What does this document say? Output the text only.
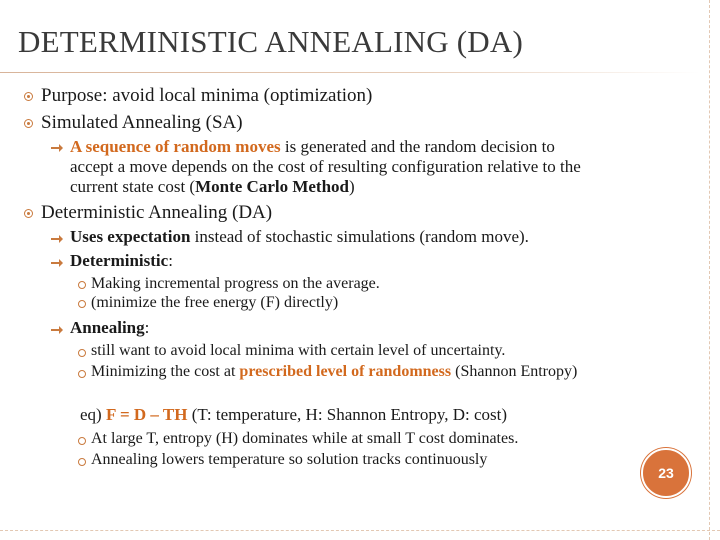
DETERMINISTIC ANNEALING (DA)
Purpose: avoid local minima (optimization)
Simulated Annealing (SA)
A sequence of random moves is generated and the random decision to
accept a move depends on the cost of resulting configuration relative to the
current state cost (Monte Carlo Method)
Deterministic Annealing (DA)
Uses expectation instead of stochastic simulations (random move).
Deterministic:
Making incremental progress on the average.
(minimize the free energy (F) directly)
Annealing:
still want to avoid local minima with certain level of uncertainty.
Minimizing the cost at prescribed level of randomness (Shannon Entropy)
eq) F = D – TH (T: temperature, H: Shannon Entropy, D: cost)
At large T, entropy (H) dominates while at small T cost dominates.
Annealing lowers temperature so solution tracks continuously
23
